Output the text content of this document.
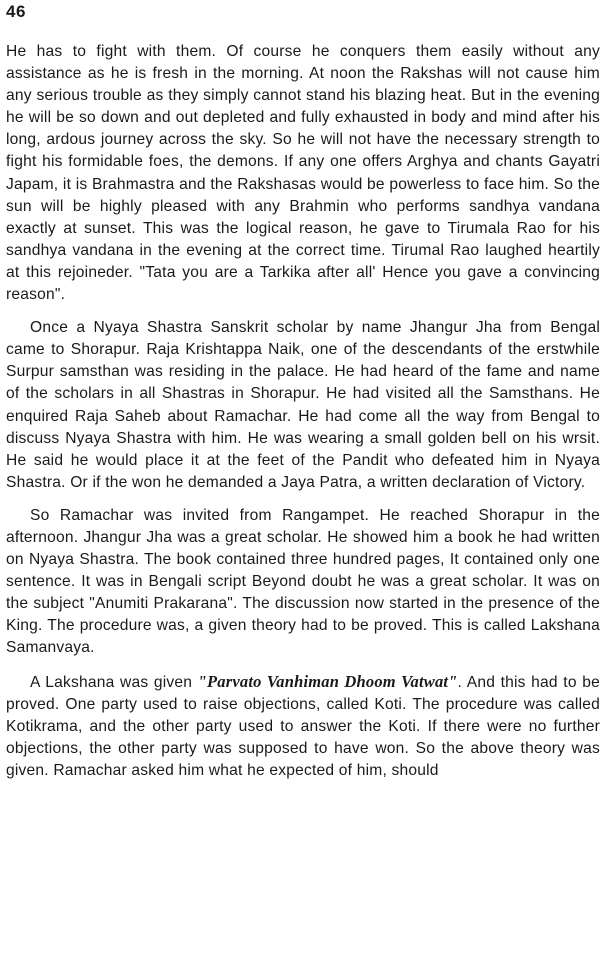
46

He has to fight with them. Of course he conquers them easily without any assistance as he is fresh in the morning. At noon the Rakshas will not cause him any serious trouble as they simply cannot stand his blazing heat. But in the evening he will be so down and out depleted and fully exhausted in body and mind after his long, ardous journey across the sky. So he will not have the necessary strength to fight his formidable foes, the demons. If any one offers Arghya and chants Gayatri Japam, it is Brahmastra and the Rakshasas would be powerless to face him. So the sun will be highly pleased with any Brahmin who performs sandhya vandana exactly at sunset. This was the logical reason, he gave to Tirumala Rao for his sandhya vandana in the evening at the correct time. Tirumal Rao laughed heartily at this rejoineder. "Tata you are a Tarkika after all' Hence you gave a convincing reason".

Once a Nyaya Shastra Sanskrit scholar by name Jhangur Jha from Bengal came to Shorapur. Raja Krishtappa Naik, one of the descendants of the erstwhile Surpur samsthan was residing in the palace. He had heard of the fame and name of the scholars in all Shastras in Shorapur. He had visited all the Samsthans. He enquired Raja Saheb about Ramachar. He had come all the way from Bengal to discuss Nyaya Shastra with him. He was wearing a small golden bell on his wrsit. He said he would place it at the feet of the Pandit who defeated him in Nyaya Shastra. Or if the won he demanded a Jaya Patra, a written declaration of Victory.

So Ramachar was invited from Rangampet. He reached Shorapur in the afternoon. Jhangur Jha was a great scholar. He showed him a book he had written on Nyaya Shastra. The book contained three hundred pages, It contained only one sentence. It was in Bengali script Beyond doubt he was a great scholar. It was on the subject "Anumiti Prakarana". The discussion now started in the presence of the King. The procedure was, a given theory had to be proved. This is called Lakshana Samanvaya.

A Lakshana was given "Parvato Vanhiman Dhoom Vatwat". And this had to be proved. One party used to raise objections, called Koti. The procedure was called Kotikrama, and the other party used to answer the Koti. If there were no further objections, the other party was supposed to have won. So the above theory was given. Ramachar asked him what he expected of him, should
